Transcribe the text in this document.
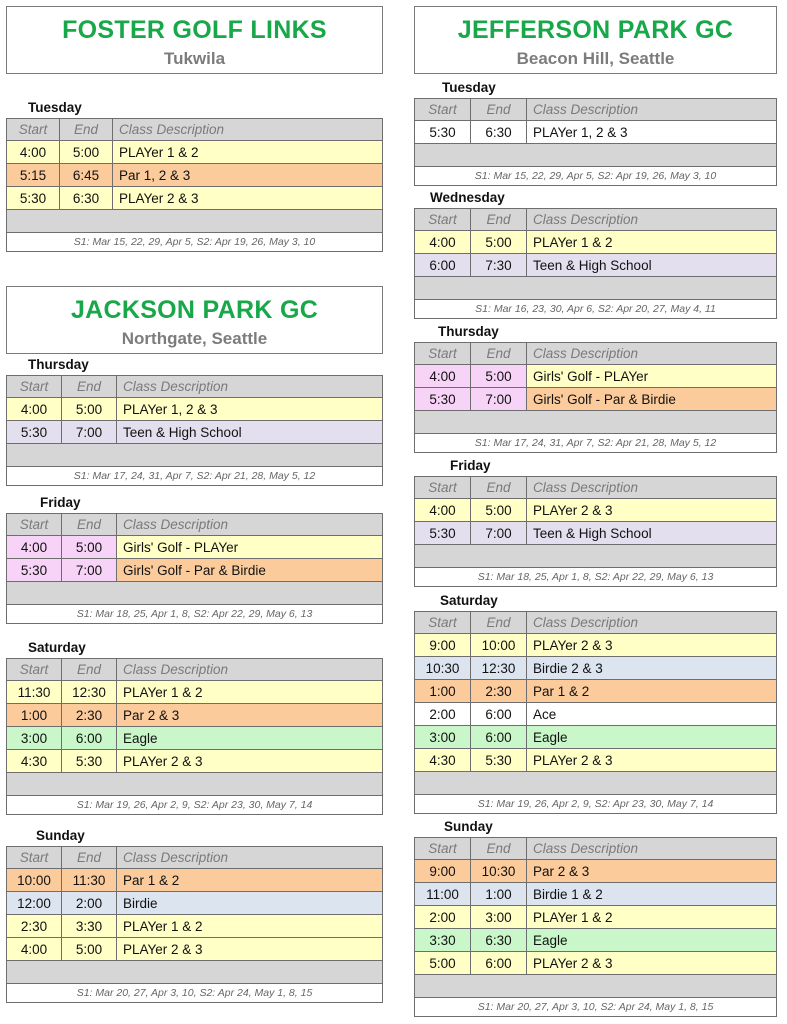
FOSTER GOLF LINKS
Tukwila
Tuesday
Start	End	Class Description
4:00	5:00	PLAYer 1 & 2
5:15	6:45	Par 1, 2 & 3
5:30	6:30	PLAYer 2 & 3

S1: Mar 15, 22, 29, Apr 5, S2: Apr 19, 26, May 3, 10		
JACKSON PARK GC
Northgate, Seattle
Thursday
Start	End	Class Description
4:00	5:00	PLAYer 1, 2 & 3
5:30	7:00	Teen & High School

S1: Mar 17, 24, 31, Apr 7, S2: Apr 21, 28, May 5, 12		
Friday
Start	End	Class Description
4:00	5:00	Girls' Golf - PLAYer
5:30	7:00	Girls' Golf - Par & Birdie

S1: Mar 18, 25, Apr 1, 8, S2: Apr 22, 29, May 6, 13		
Saturday
Start	End	Class Description
11:30	12:30	PLAYer 1 & 2
1:00	2:30	Par 2 & 3
3:00	6:00	Eagle
4:30	5:30	PLAYer 2 & 3

S1: Mar 19, 26, Apr 2, 9, S2: Apr 23, 30, May 7, 14		
Sunday
Start	End	Class Description
10:00	11:30	Par 1 & 2
12:00	2:00	Birdie
2:30	3:30	PLAYer 1 & 2
4:00	5:00	PLAYer 2 & 3

S1: Mar 20, 27, Apr 3, 10, S2: Apr 24, May 1, 8, 15		
JEFFERSON PARK GC
Beacon Hill, Seattle
Tuesday
Start	End	Class Description
5:30	6:30	PLAYer 1, 2 & 3

S1: Mar 15, 22, 29, Apr 5, S2: Apr 19, 26, May 3, 10		
Wednesday
Start	End	Class Description
4:00	5:00	PLAYer 1 & 2
6:00	7:30	Teen & High School

S1: Mar 16, 23, 30, Apr 6, S2: Apr 20, 27, May 4, 11		
Thursday
Start	End	Class Description
4:00	5:00	Girls' Golf - PLAYer
5:30	7:00	Girls' Golf - Par & Birdie

S1: Mar 17, 24, 31, Apr 7, S2: Apr 21, 28, May 5, 12		
Friday
Start	End	Class Description
4:00	5:00	PLAYer 2 & 3
5:30	7:00	Teen & High School

S1: Mar 18, 25, Apr 1, 8, S2: Apr 22, 29, May 6, 13		
Saturday
Start	End	Class Description
9:00	10:00	PLAYer 2 & 3
10:30	12:30	Birdie 2 & 3
1:00	2:30	Par 1 & 2
2:00	6:00	Ace
3:00	6:00	Eagle
4:30	5:30	PLAYer 2 & 3

S1: Mar 19, 26, Apr 2, 9, S2: Apr 23, 30, May 7, 14		
Sunday
Start	End	Class Description
9:00	10:30	Par 2 & 3
11:00	1:00	Birdie 1 & 2
2:00	3:00	PLAYer 1 & 2
3:30	6:30	Eagle
5:00	6:00	PLAYer 2 & 3

S1: Mar 20, 27, Apr 3, 10, S2: Apr 24, May 1, 8, 15		
